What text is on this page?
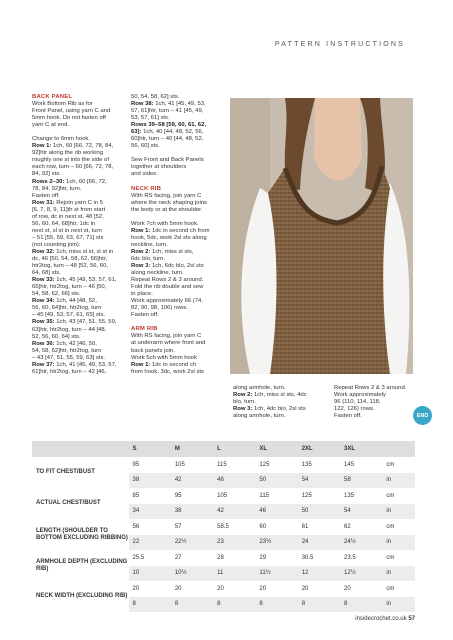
PATTERN INSTRUCTIONS

BACK PANEL

Work Bottom Rib as for

Front Panel, using yarn C and

5mm hook. Do not fasten off

yarn C at end.

Change to 6mm hook.

Row 1: 1ch, 60 [66, 72, 78, 84,

92]htr along the rib working

roughly one st into the side of

each row, turn – 60 [66, 72, 78,

84, 92] sts.

Rows 2–30: 1ch, 60 [66, 72,

78, 84, 92]htr, turn.

Fasten off.

Row 31: Rejoin yarn C in 5

[6, 7, 8, 9, 11]th st from start

of row, dc in next st, 48 [52,

56, 60, 64, 68]htr, 1dc in

next st, sl st in next st, turn

– 51 [55, 59, 63, 67, 71] sts

(not counting join).

Row 32: 1ch, miss sl st, sl st in

dc, 46 [50, 54, 58, 62, 66]htr,

htr2tog, turn – 48 [52, 56, 60,

64, 68] sts.

Row 33: 1ch, 45 [49, 53, 57, 61,

65]htr, htr2tog, turn – 46 [50,

54, 58, 62, 66] sts.

Row 34: 1ch, 44 [48, 52,

56, 60, 64]htr, htr2tog, turn

– 45 [49, 53, 57, 61, 65] sts.

Row 35: 1ch, 43 [47, 51, 55, 59,

63]htr, htr2tog, turn – 44 [48,

52, 56, 60, 64] sts.

Row 36: 1ch, 42 [46, 50,

54, 58, 62]htr, htr2tog, turn

– 43 [47, 51, 55, 59, 63] sts.

Row 37: 1ch, 41 [45, 49, 53, 57,

61]htr, htr2tog, turn – 42 [46,

50, 54, 58, 62] sts.

Row 38: 1ch, 41 [45, 49, 53,

57, 61]htr, turn – 41 [45, 49,

53, 57, 61] sts.

Rows 39–58 [59, 60, 61, 62,

63]: 1ch, 40 [44, 48, 52, 56,

60]htr, turn – 40 [44, 48, 52,

56, 60] sts.

Sew Front and Back Panels

together at shoulders

and sides.

NECK RIB

With RS facing, join yarn C

where the neck shaping joins

the body or at the shoulder.

Work 7ch with 5mm hook.

Row 1: 1dc in second ch from

hook, 5dc, work 2sl sts along

neckline, turn.

Row 2: 1ch, miss sl sts,

6dc blo, turn.

Row 3: 1ch, 6dc blo, 2sl sts

along neckline, turn.

Repeat Rows 2 & 3 around.

Fold the rib double and sew

in place.

Work approximately 66 (74,

82, 90, 98, 106) rows.

Fasten off.

ARM RIB

With RS facing, join yarn C

at underarm where front and

back panels join.

Work 5ch with 5mm hook

Row 1: 1dc in second ch

from hook, 3dc, work 2sl sts

along armhole, turn.

Row 2: 1ch, miss sl sts, 4dc

blo, turn.

Row 3: 1ch, 4dc blo, 2sl sts

along armhole, turn.

Repeat Rows 2 & 3 around.

Work approximately

96 (110, 114, 118,

122, 126) rows.

Fasten off.	END
	S	M	L	XL	2XL	3XL	
TO FIT CHEST/BUST	95	105	115	125	135	145	cm
	38	42	46	50	54	58	in
ACTUAL CHEST/BUST	85	95	105	115	125	135	cm
	34	38	42	46	50	54	in
LENGTH (SHOULDER TO BOTTOM EXCLUDING RIBBING)	56	57	58.5	60	61	62	cm
	22	22½	23	23½	24	24½	in
ARMHOLE DEPTH (EXCLUDING RIB)	25.5	27	28	29	30.5	23.5	cm
	10	10½	11	11½	12	12½	in
NECK WIDTH (EXCLUDING RIB)	20	20	20	20	20	20	cm
	8	8	8	8	8	8	in
insidecrochet.co.uk 57
